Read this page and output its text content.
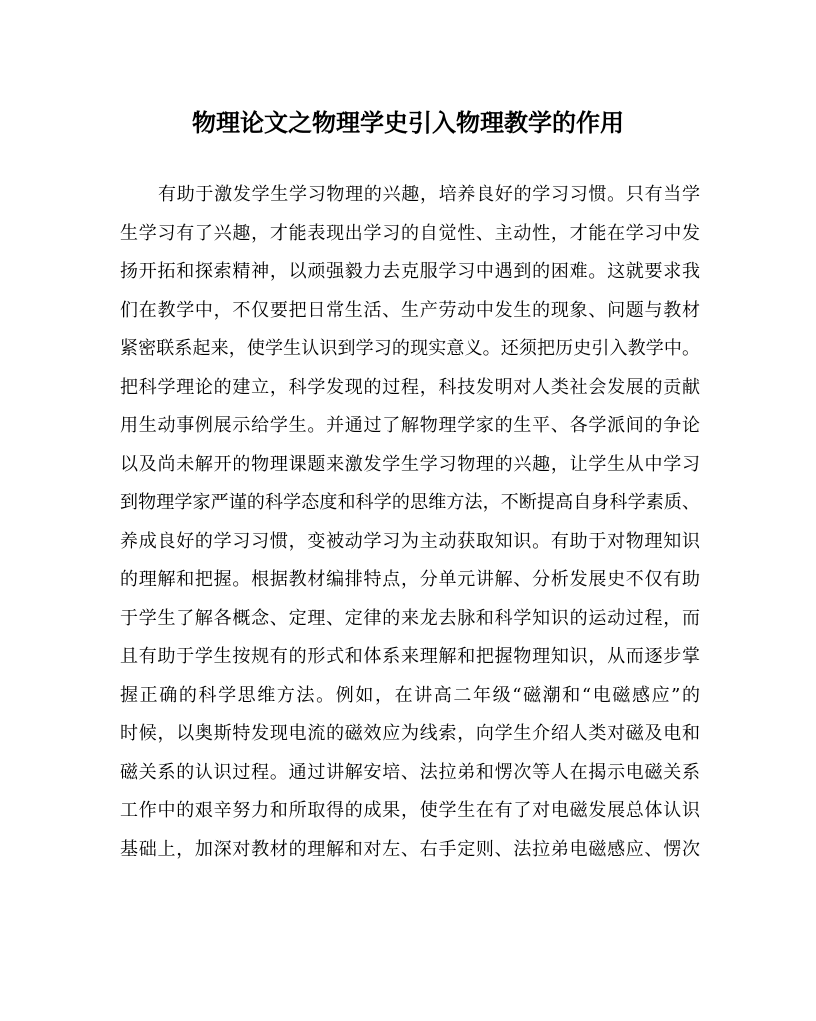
物理论文之物理学史引入物理教学的作用
有助于激发学生学习物理的兴趣，培养良好的学习习惯。只有当学
生学习有了兴趣，才能表现出学习的自觉性、主动性，才能在学习中发
扬开拓和探索精神，以顽强毅力去克服学习中遇到的困难。这就要求我
们在教学中，不仅要把日常生活、生产劳动中发生的现象、问题与教材
紧密联系起来，使学生认识到学习的现实意义。还须把历史引入教学中。
把科学理论的建立，科学发现的过程，科技发明对人类社会发展的贡献
用生动事例展示给学生。并通过了解物理学家的生平、各学派间的争论
以及尚未解开的物理课题来激发学生学习物理的兴趣，让学生从中学习
到物理学家严谨的科学态度和科学的思维方法，不断提高自身科学素质、
养成良好的学习习惯，变被动学习为主动获取知识。有助于对物理知识
的理解和把握。根据教材编排特点，分单元讲解、分析发展史不仅有助
于学生了解各概念、定理、定律的来龙去脉和科学知识的运动过程，而
且有助于学生按规有的形式和体系来理解和把握物理知识，从而逐步掌
握正确的科学思维方法。例如，在讲高二年级“磁潮和“电磁感应”的
时候，以奥斯特发现电流的磁效应为线索，向学生介绍人类对磁及电和
磁关系的认识过程。通过讲解安培、法拉弟和愣次等人在揭示电磁关系
工作中的艰辛努力和所取得的成果，使学生在有了对电磁发展总体认识
基础上，加深对教材的理解和对左、右手定则、法拉弟电磁感应、愣次
